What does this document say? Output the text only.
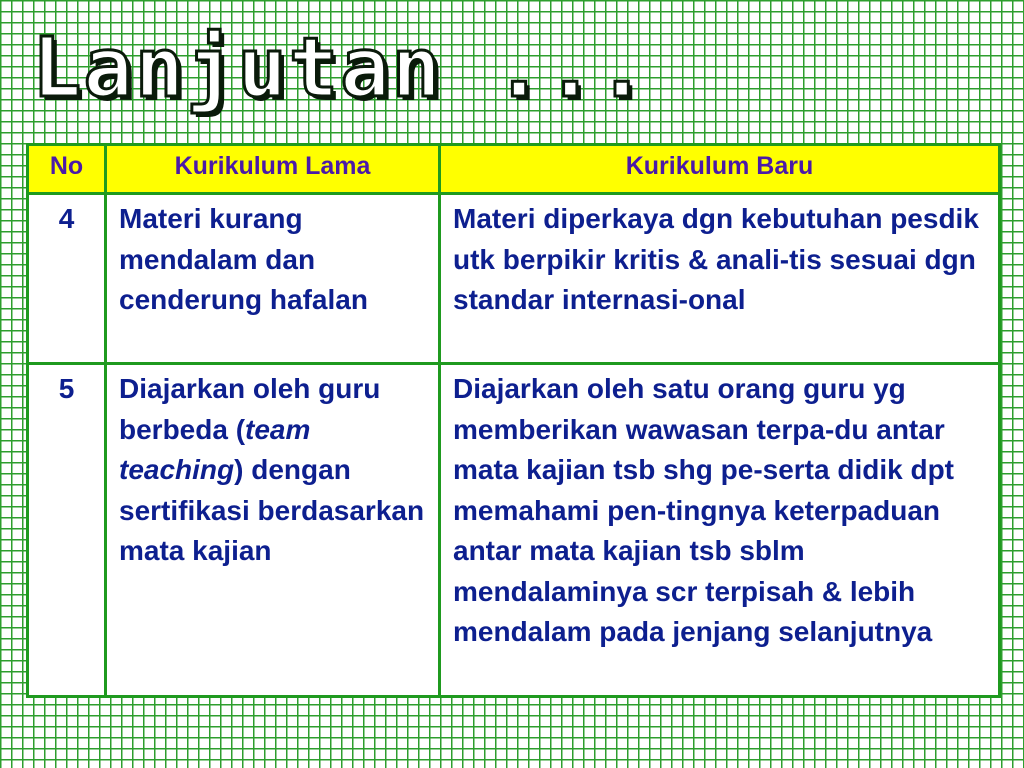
Lanjutan ...
No	Kurikulum Lama	Kurikulum Baru
4	Materi kurang mendalam dan cenderung hafalan	Materi diperkaya dgn kebutuhan pesdik utk berpikir kritis & anali-tis sesuai dgn standar internasi-onal
5	Diajarkan oleh guru berbeda (team teaching) dengan sertifikasi berdasarkan mata kajian	Diajarkan oleh satu orang guru yg memberikan wawasan terpa-du antar mata kajian tsb shg pe-serta didik dpt memahami pen-tingnya keterpaduan antar mata kajian tsb sblm mendalaminya scr terpisah & lebih mendalam pada jenjang selanjutnya
